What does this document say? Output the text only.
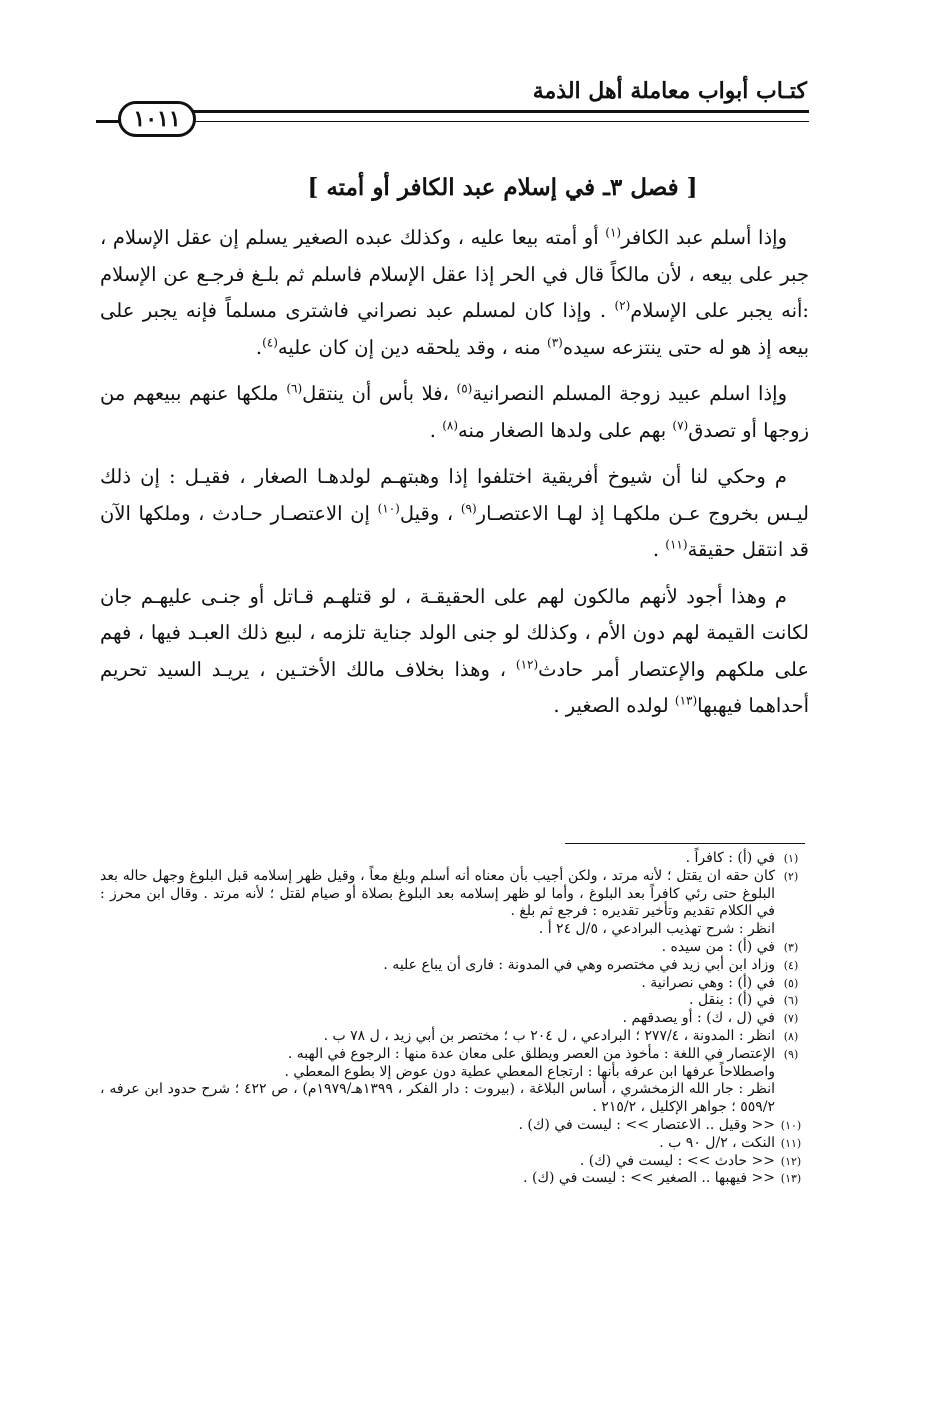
كتـاب أبواب معاملة أهل الذمة
١٠١١
[ فصل ٣ـ في إسلام عبد الكافر أو أمته ]

وإذا أسلم عبد الكافر$^{(١)}$ أو أمته بيعا عليه ، وكذلك عبده الصغير يسلم إن عقل الإسلام ، جبر على بيعه ، لأن مالكاً قال في الحر إذا عقل الإسلام فاسلم ثم بلـغ فرجـع عن الإسلام :أنه يجبر على الإسلام$^{(٢)}$ . وإذا كان لمسلم عبد نصراني فاشترى مسلماً فإنه يجبر على بيعه إذ هو له حتى ينتزعه سيده$^{(٣)}$ منه ، وقد يلحقه دين إن كان عليه$^{(٤)}$.

وإذا اسلم عبيد زوجة المسلم النصرانية$^{(٥)}$ ،فلا بأس أن ينتقل$^{(٦)}$ ملكها عنهم ببيعهم من زوجها أو تصدق$^{(٧)}$ بهم على ولدها الصغار منه$^{(٨)}$ .

م وحكي لنا أن شيوخ أفريقية اختلفوا إذا وهبتهـم لولدهـا الصغار ، فقيـل : إن ذلك ليـس بخروج عـن ملكهـا إذ لهـا الاعتصـار$^{(٩)}$ ، وقيل$^{(١٠)}$ إن الاعتصـار حـادث ، وملكها الآن قد انتقل حقيقة$^{(١١)}$ .

م وهذا أجود لأنهم مالكون لهم على الحقيقـة ، لو قتلهـم قـاتل أو جنـى عليهـم جان لكانت القيمة لهم دون الأم ، وكذلك لو جنى الولد جناية تلزمه ، لبيع ذلك العبـد فيها ، فهم على ملكهم والإعتصار أمر حادث$^{(١٢)}$ ، وهذا بخلاف مالك الأختـين ، يريـد السيد تحريم أحداهما فيهبها$^{(١٣)}$ لولده الصغير .

(١)
في (أ) : كافراً .
(٢)
كان حقه ان يقتل ؛ لأنه مرتد ، ولكن أجيب بأن معناه أنه أسلم وبلغ معاً ، وقيل ظهر إسلامه قبل البلوغ وجهل حاله بعد البلوغ حتى رئي كافراً بعد البلوغ ، وأما لو ظهر إسلامه بعد البلوغ بصلاة أو صيام لقتل ؛ لأنه مرتد . وقال ابن محرز : في الكلام تقديم وتأخير تقديره : فرجع ثم بلغ .
انظر : شرح تهذيب البرادعي ، ٥/ل ٢٤ أ .
(٣)
في (أ) : من سيده .
(٤)
وزاد ابن أبي زيد في مختصره وهي في المدونة : فارى أن يباع عليه .
(٥)
في (أ) : وهي نصرانية .
(٦)
في (أ) : ينقل .
(٧)
في (ل ، ك) : أو يصدقهم .
(٨)
انظر : المدونة ، ٢٧٧/٤ ؛ البرادعي ، ل ٢٠٤ ب ؛ مختصر بن أبي زيد ، ل ٧٨ ب .
(٩)
الإعتصار في اللغة : مأخوذ من العصر ويطلق على معان عدة منها : الرجوع في الهبه .
واصطلاحاً عرفها ابن عرفه بأنها : ارتجاع المعطي عطية دون عوض إلا بطوع المعطي .
انظر : جار الله الزمخشري ، أساس البلاغة ، (بيروت : دار الفكر ، ١٣٩٩هـ/١٩٧٩م) ، ص ٤٢٢ ؛ شرح حدود ابن عرفه ، ٥٥٩/٢ ؛ جواهر الإكليل ، ٢١٥/٢ .
(١٠)
<< وقيل .. الاعتصار >> : ليست في (ك) .
(١١)
النكت ، ٢/ل ٩٠ ب .
(١٢)
<< حادث >> : ليست في (ك) .
(١٣)
<< فيهبها .. الصغير >> : ليست في (ك) .
